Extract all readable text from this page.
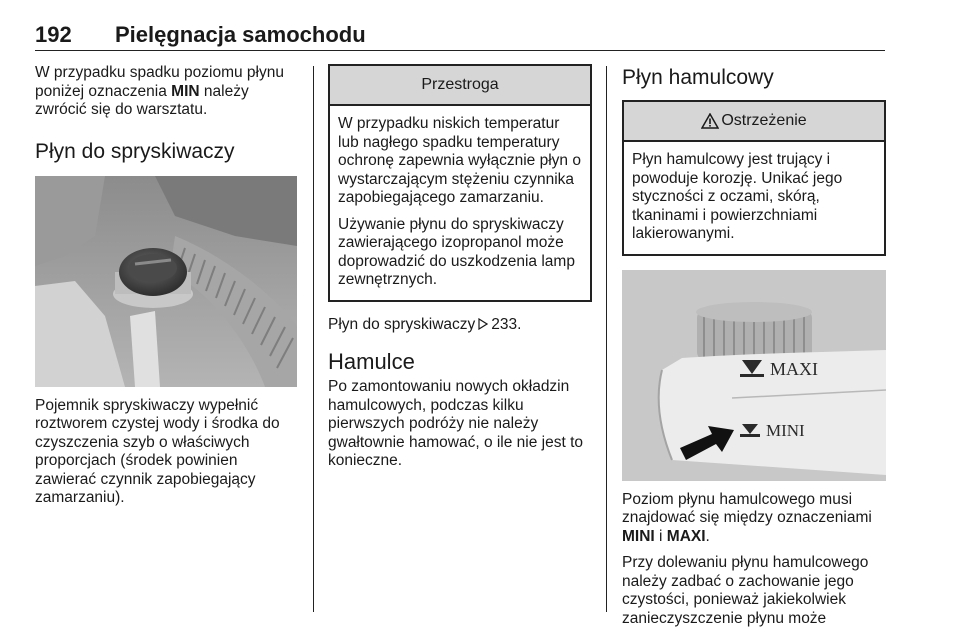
192 Pielęgnacja samochodu

W przypadku spadku poziomu płynu poniżej oznaczenia MIN należy zwrócić się do warsztatu.

Płyn do spryskiwaczy

Pojemnik spryskiwaczy wypełnić roztworem czystej wody i środka do czyszczenia szyb o właściwych proporcjach (środek powinien zawierać czynnik zapobiegający zamarzaniu).

Przestroga

W przypadku niskich temperatur lub nagłego spadku temperatury ochronę zapewnia wyłącznie płyn o wystarczającym stężeniu czynnika zapobiegającego zamarzaniu.

Używanie płynu do spryskiwaczy zawierającego izopropanol może doprowadzić do uszkodzenia lamp zewnętrznych.

Płyn do spryskiwaczy 233.

Hamulce

Po zamontowaniu nowych okładzin hamulcowych, podczas kilku pierwszych podróży nie należy gwałtownie hamować, o ile nie jest to konieczne.

Płyn hamulcowy
Ostrzeżenie

Płyn hamulcowy jest trujący i powoduje korozję. Unikać jego styczności z oczami, skórą, tkaninami i powierzchniami lakierowanymi.

MAXI
MINI

Poziom płynu hamulcowego musi znajdować się między oznaczeniami MINI i MAXI.

Przy dolewaniu płynu hamulcowego należy zadbać o zachowanie jego czystości, ponieważ jakiekolwiek zanieczyszczenie płynu może
